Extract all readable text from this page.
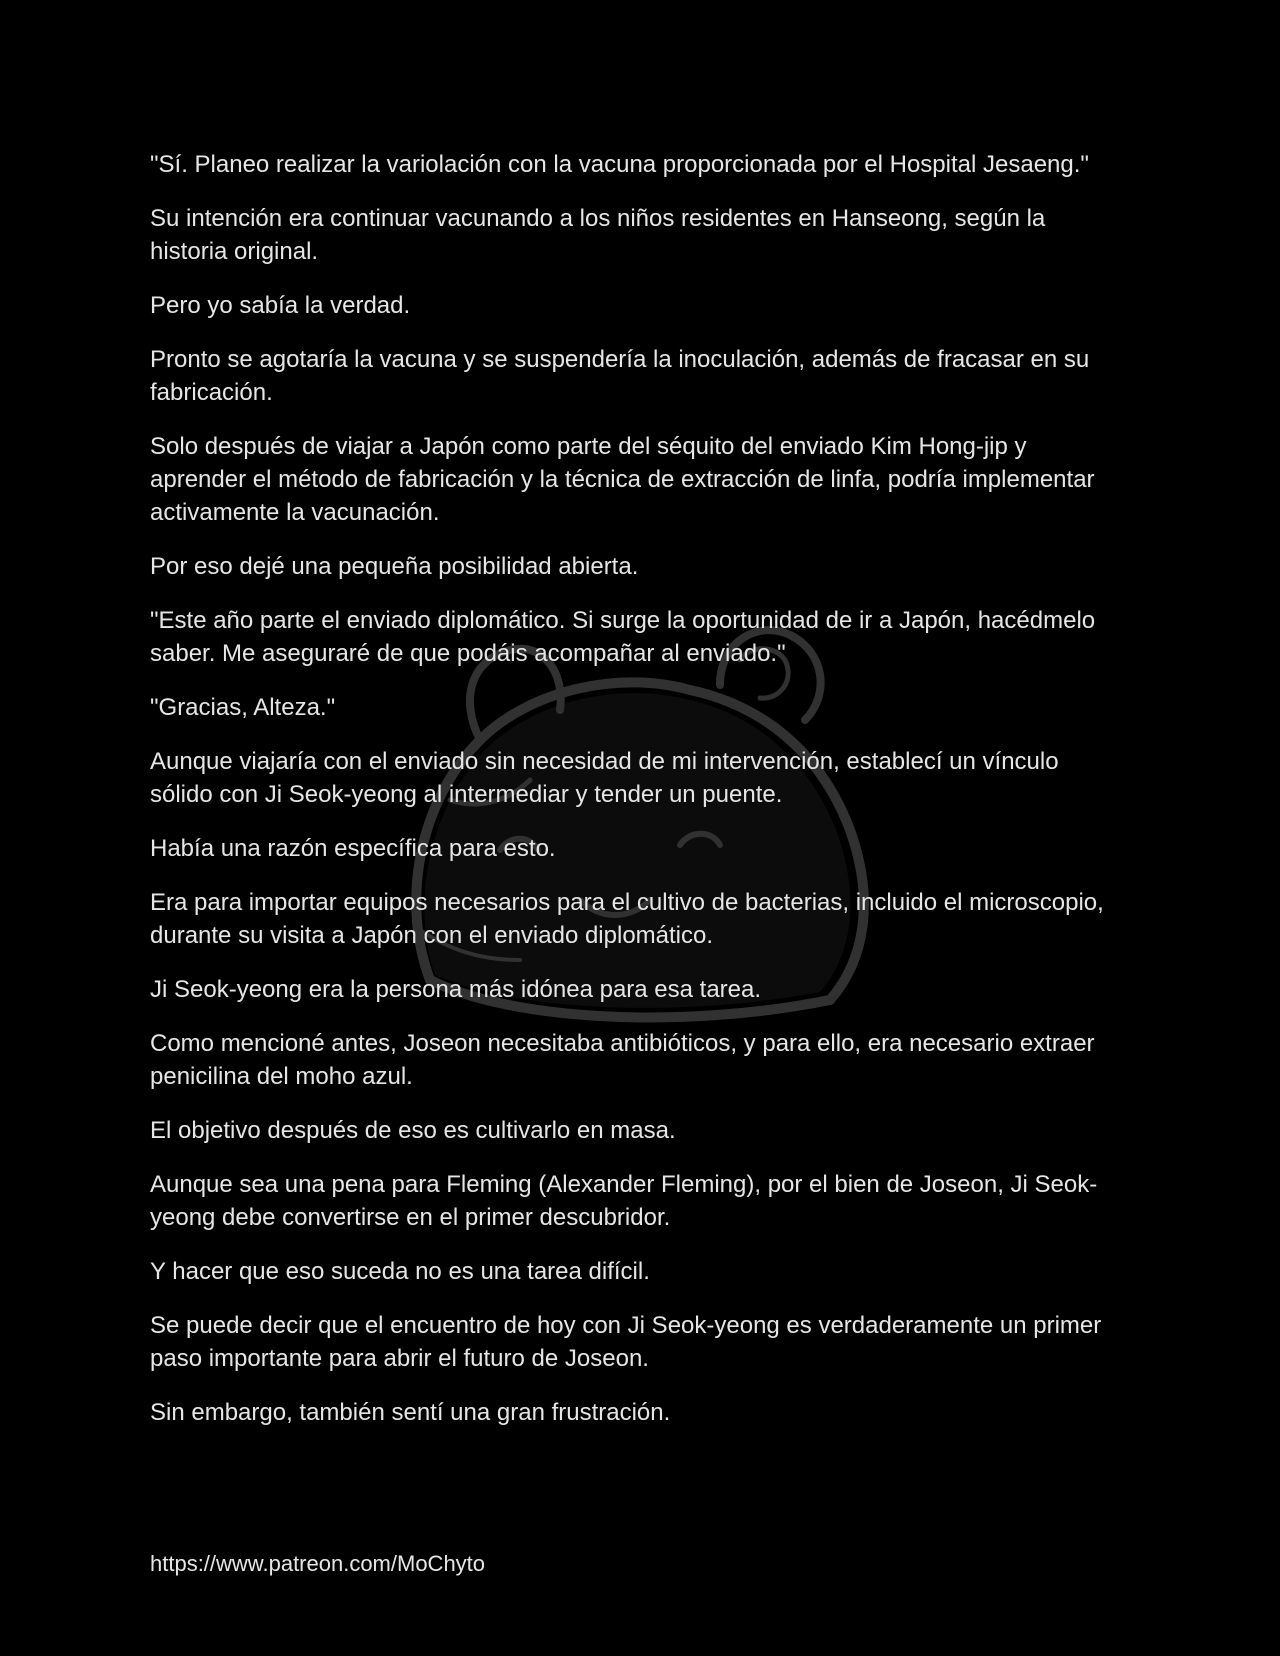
"Sí. Planeo realizar la variolación con la vacuna proporcionada por el Hospital Jesaeng."

Su intención era continuar vacunando a los niños residentes en Hanseong, según la historia original.

Pero yo sabía la verdad.

Pronto se agotaría la vacuna y se suspendería la inoculación, además de fracasar en su fabricación.

Solo después de viajar a Japón como parte del séquito del enviado Kim Hong-jip y aprender el método de fabricación y la técnica de extracción de linfa, podría implementar activamente la vacunación.

Por eso dejé una pequeña posibilidad abierta.

"Este año parte el enviado diplomático. Si surge la oportunidad de ir a Japón, hacédmelo saber. Me aseguraré de que podáis acompañar al enviado."

"Gracias, Alteza."

Aunque viajaría con el enviado sin necesidad de mi intervención, establecí un vínculo sólido con Ji Seok-yeong al intermediar y tender un puente.

Había una razón específica para esto.

Era para importar equipos necesarios para el cultivo de bacterias, incluido el microscopio, durante su visita a Japón con el enviado diplomático.

Ji Seok-yeong era la persona más idónea para esa tarea.

Como mencioné antes, Joseon necesitaba antibióticos, y para ello, era necesario extraer penicilina del moho azul.

El objetivo después de eso es cultivarlo en masa.

Aunque sea una pena para Fleming (Alexander Fleming), por el bien de Joseon, Ji Seok-yeong debe convertirse en el primer descubridor.

Y hacer que eso suceda no es una tarea difícil.

Se puede decir que el encuentro de hoy con Ji Seok-yeong es verdaderamente un primer paso importante para abrir el futuro de Joseon.

Sin embargo, también sentí una gran frustración.

https://www.patreon.com/MoChyto
